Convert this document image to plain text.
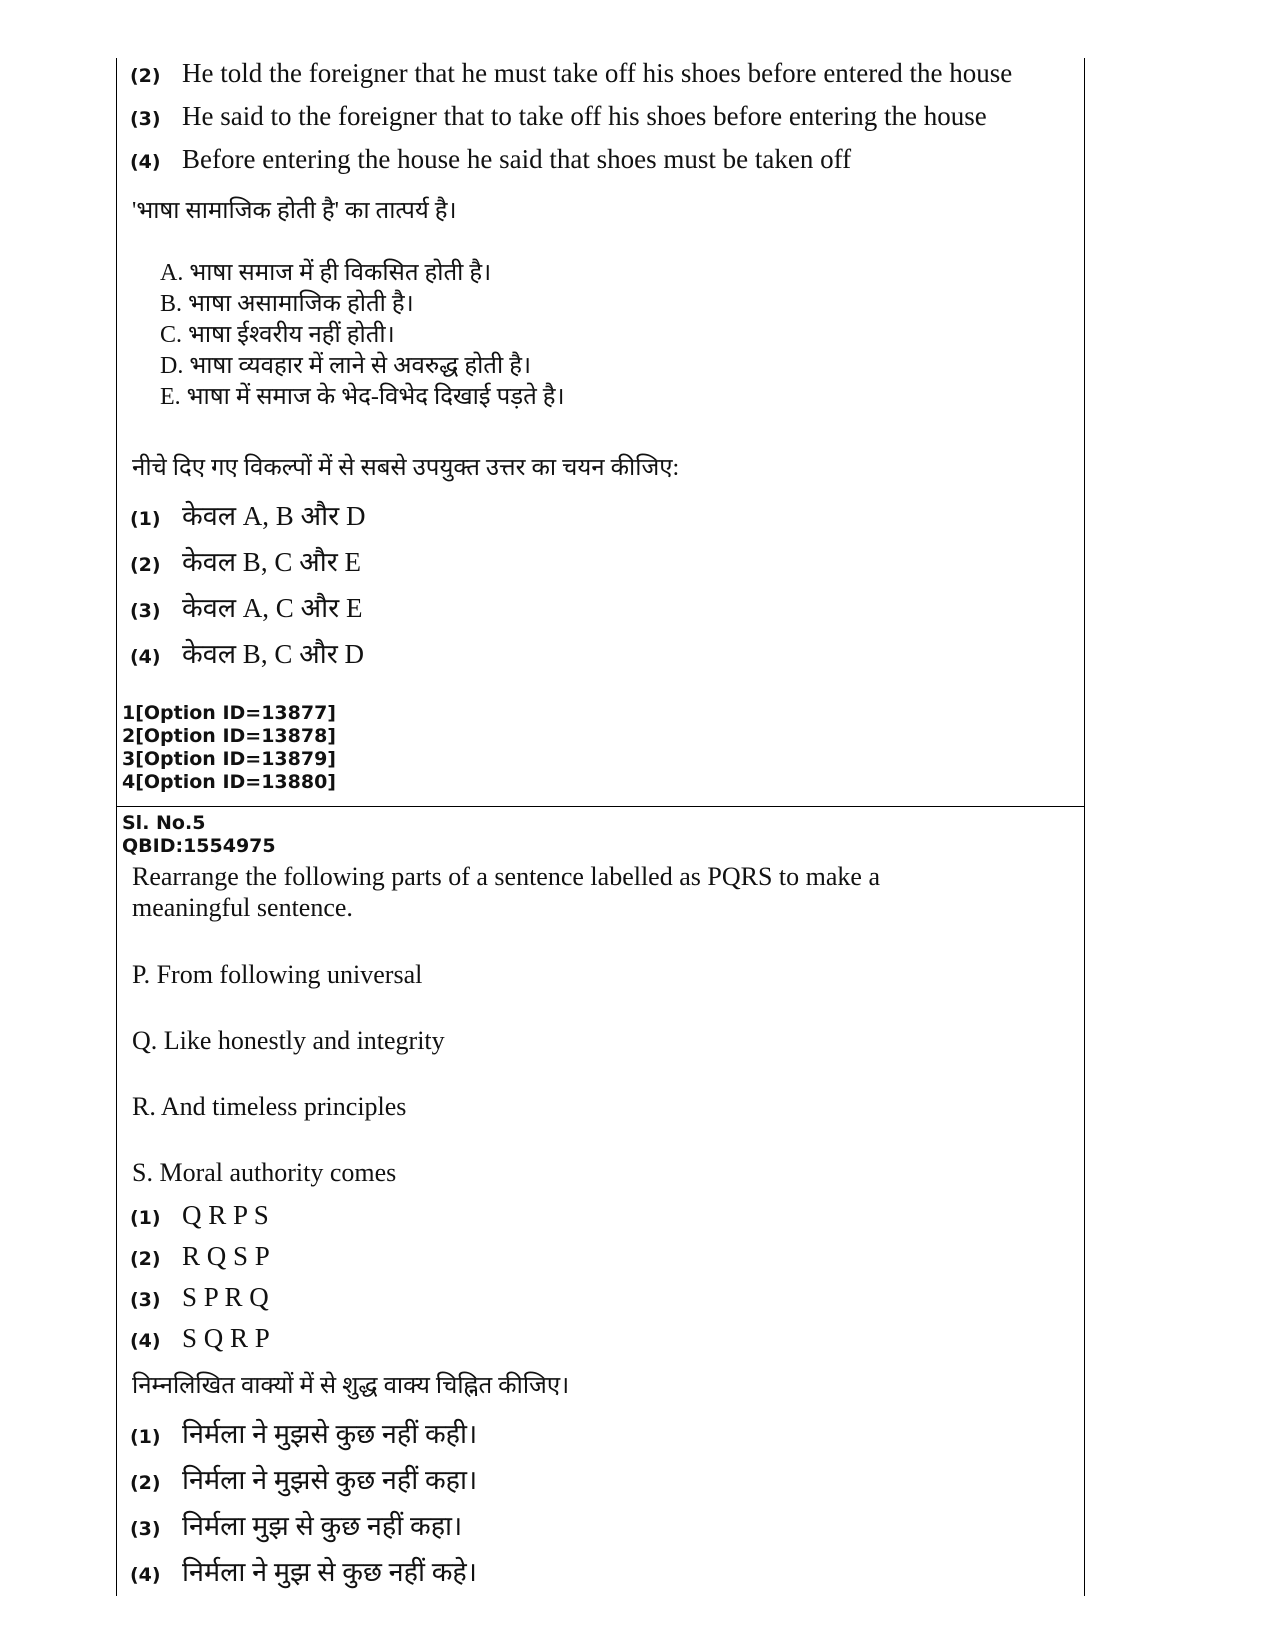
(2) He told the foreigner that he must take off his shoes before entered the house
(3) He said to the foreigner that to take off his shoes before entering the house
(4) Before entering the house he said that shoes must be taken off
'भाषा सामाजिक होती है' का तात्पर्य है।
A. भाषा समाज में ही विकसित होती है।
B. भाषा असामाजिक होती है।
C. भाषा ईश्वरीय नहीं होती।
D. भाषा व्यवहार में लाने से अवरुद्ध होती है।
E. भाषा में समाज के भेद-विभेद दिखाई पड़ते है।
नीचे दिए गए विकल्पों में से सबसे उपयुक्त उत्तर का चयन कीजिए:
(1) केवल A, B और D
(2) केवल B, C और E
(3) केवल A, C और E
(4) केवल B, C और D
1[Option ID=13877]
2[Option ID=13878]
3[Option ID=13879]
4[Option ID=13880]
Sl. No.5
QBID:1554975
Rearrange the following parts of a sentence labelled as PQRS to make a
meaningful sentence.
P. From following universal
Q. Like honestly and integrity
R. And timeless principles
S. Moral authority comes
(1) Q R P S
(2) R Q S P
(3) S P R Q
(4) S Q R P
निम्नलिखित वाक्यों में से शुद्ध वाक्य चिह्नित कीजिए।
(1) निर्मला ने मुझसे कुछ नहीं कही।
(2) निर्मला ने मुझसे कुछ नहीं कहा।
(3) निर्मला मुझ से कुछ नहीं कहा।
(4) निर्मला ने मुझ से कुछ नहीं कहे।
